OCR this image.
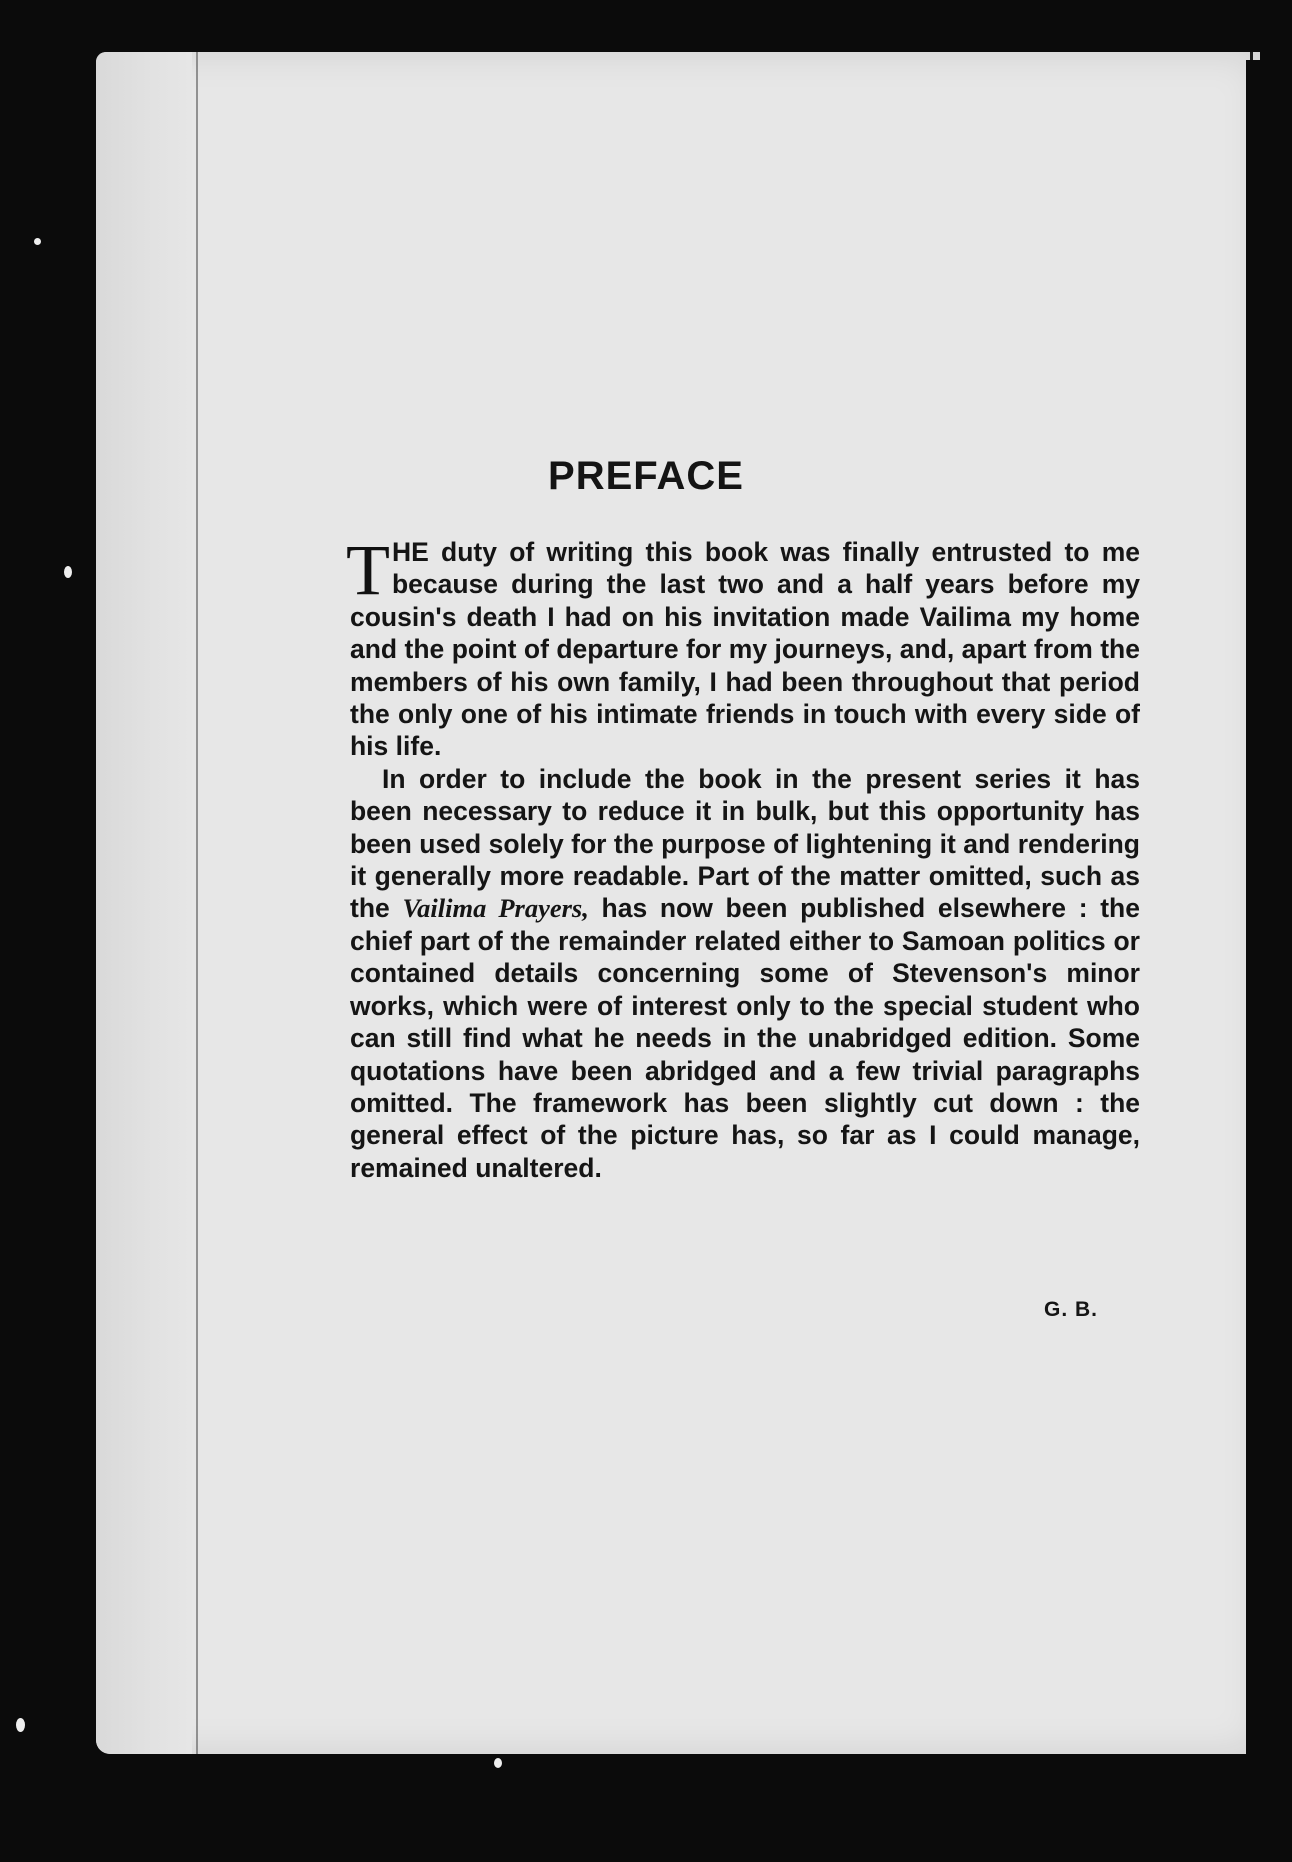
PREFACE

THE duty of writing this book was finally entrusted to me because during the last two and a half years before my cousin's death I had on his invitation made Vailima my home and the point of departure for my journeys, and, apart from the members of his own family, I had been throughout that period the only one of his intimate friends in touch with every side of his life.

In order to include the book in the present series it has been necessary to reduce it in bulk, but this opportunity has been used solely for the purpose of lightening it and rendering it generally more readable. Part of the matter omitted, such as the Vailima Prayers, has now been published elsewhere : the chief part of the remainder related either to Samoan politics or contained details concerning some of Stevenson's minor works, which were of interest only to the special student who can still find what he needs in the unabridged edition. Some quotations have been abridged and a few trivial paragraphs omitted. The framework has been slightly cut down : the general effect of the picture has, so far as I could manage, remained unaltered.

G. B.
